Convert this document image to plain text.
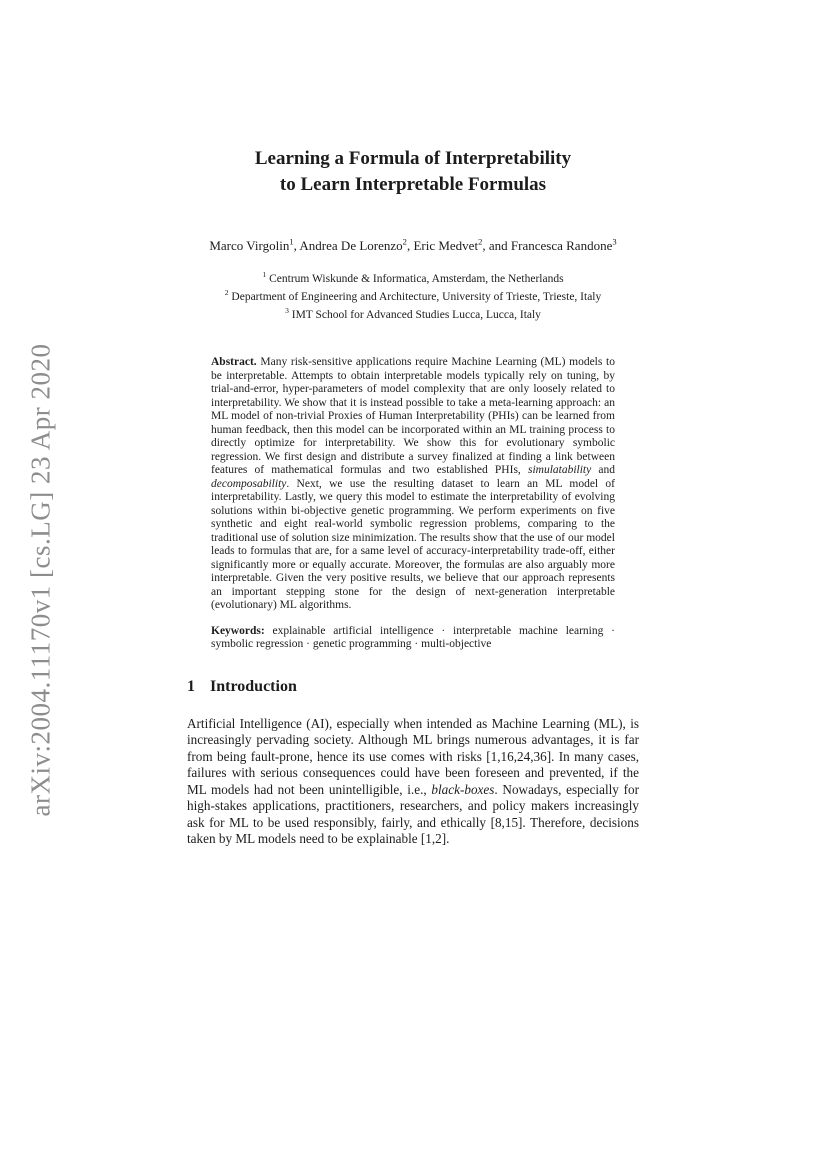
arXiv:2004.11170v1 [cs.LG] 23 Apr 2020
Learning a Formula of Interpretability
to Learn Interpretable Formulas

Marco Virgolin$^1$, Andrea De Lorenzo$^2$, Eric Medvet$^2$, and Francesca Randone$^3$

$^1$ Centrum Wiskunde & Informatica, Amsterdam, the Netherlands
$^2$ Department of Engineering and Architecture, University of Trieste, Trieste, Italy
$^3$ IMT School for Advanced Studies Lucca, Lucca, Italy

Abstract. Many risk-sensitive applications require Machine Learning (ML) models to be interpretable. Attempts to obtain interpretable models typically rely on tuning, by trial-and-error, hyper-parameters of model complexity that are only loosely related to interpretability. We show that it is instead possible to take a meta-learning approach: an ML model of non-trivial Proxies of Human Interpretability (PHIs) can be learned from human feedback, then this model can be incorporated within an ML training process to directly optimize for interpretability. We show this for evolutionary symbolic regression. We first design and distribute a survey finalized at finding a link between features of mathematical formulas and two established PHIs, simulatability and decomposability. Next, we use the resulting dataset to learn an ML model of interpretability. Lastly, we query this model to estimate the interpretability of evolving solutions within bi-objective genetic programming. We perform experiments on five synthetic and eight real-world symbolic regression problems, comparing to the traditional use of solution size minimization. The results show that the use of our model leads to formulas that are, for a same level of accuracy-interpretability trade-off, either significantly more or equally accurate. Moreover, the formulas are also arguably more interpretable. Given the very positive results, we believe that our approach represents an important stepping stone for the design of next-generation interpretable (evolutionary) ML algorithms.

Keywords: explainable artificial intelligence · interpretable machine learning · symbolic regression · genetic programming · multi-objective

1 Introduction

Artificial Intelligence (AI), especially when intended as Machine Learning (ML), is increasingly pervading society. Although ML brings numerous advantages, it is far from being fault-prone, hence its use comes with risks [1,16,24,36]. In many cases, failures with serious consequences could have been foreseen and prevented, if the ML models had not been unintelligible, i.e., black-boxes. Nowadays, especially for high-stakes applications, practitioners, researchers, and policy makers increasingly ask for ML to be used responsibly, fairly, and ethically [8,15]. Therefore, decisions taken by ML models need to be explainable [1,2].
